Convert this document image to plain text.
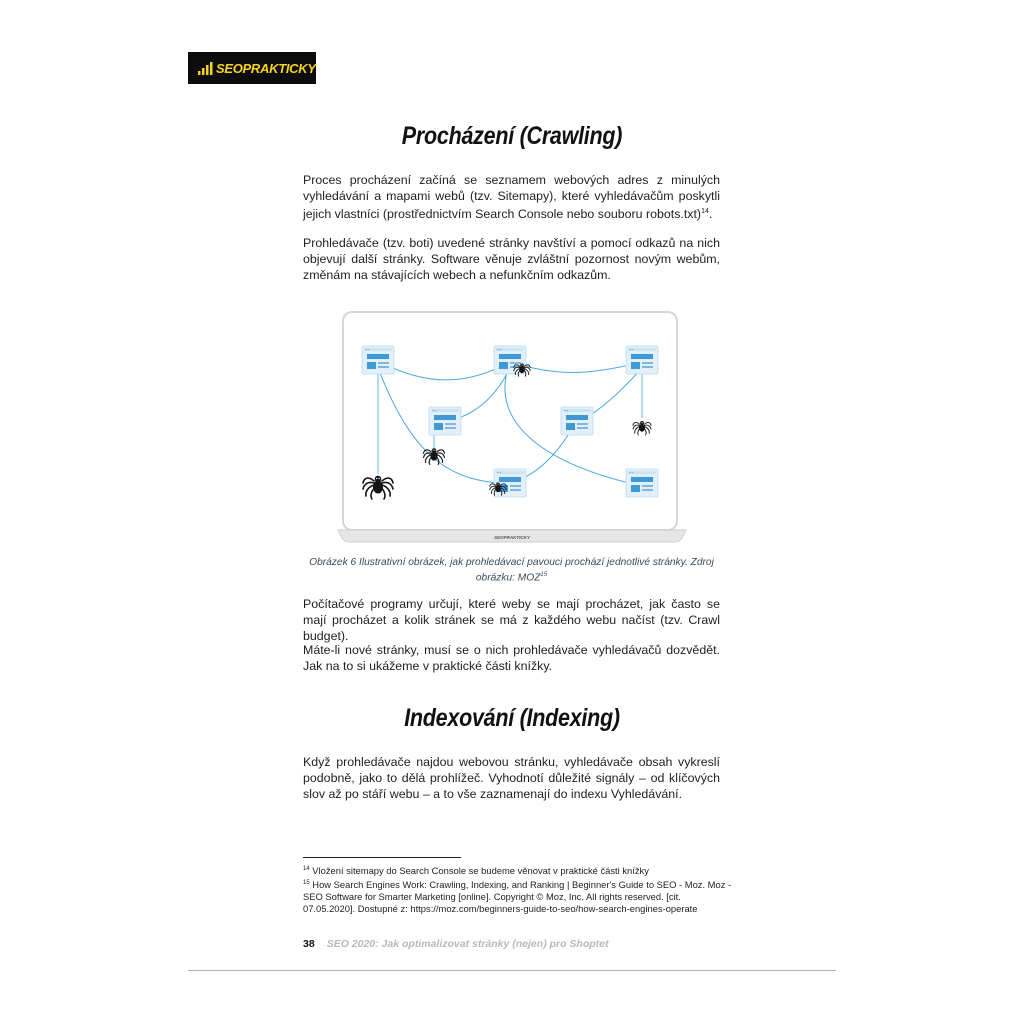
SEOPRAKTICKY
Procházení (Crawling)

Proces procházení začíná se seznamem webových adres z minulých vyhledávání a mapami webů (tzv. Sitemapy), které vyhledávačům poskytli jejich vlastníci (prostřednictvím Search Console nebo souboru robots.txt)$^{14}$.

Prohledávače (tzv. boti) uvedené stránky navštíví a pomocí odkazů na nich objevují další stránky. Software věnuje zvláštní pozornost novým webům, změnám na stávajících webech a nefunkčním odkazům.

SEOPRAKTICKY

Obrázek 6 Ilustrativní obrázek, jak prohledávací pavouci prochází jednotlivé stránky. Zdroj obrázku: MOZ$^{15}$

Počítačové programy určují, které weby se mají procházet, jak často se mají procházet a kolik stránek se má z každého webu načíst (tzv. Crawl budget).

Máte-li nové stránky, musí se o nich prohledávače vyhledávačů dozvědět. Jak na to si ukážeme v praktické části knížky.

Indexování (Indexing)

Když prohledávače najdou webovou stránku, vyhledávače obsah vykreslí podobně, jako to dělá prohlížeč. Vyhodnotí důležité signály – od klíčových slov až po stáří webu – a to vše zaznamenají do indexu Vyhledávání.

$^{14}$ Vložení sitemapy do Search Console se budeme věnovat v praktické části knížky

$^{15}$ How Search Engines Work: Crawling, Indexing, and Ranking | Beginner's Guide to SEO - Moz. Moz - SEO Software for Smarter Marketing [online]. Copyright © Moz, Inc. All rights reserved. [cit. 07.05.2020]. Dostupné z: https://moz.com/beginners-guide-to-seo/how-search-engines-operate

38 SEO 2020: Jak optimalizovat stránky (nejen) pro Shoptet
